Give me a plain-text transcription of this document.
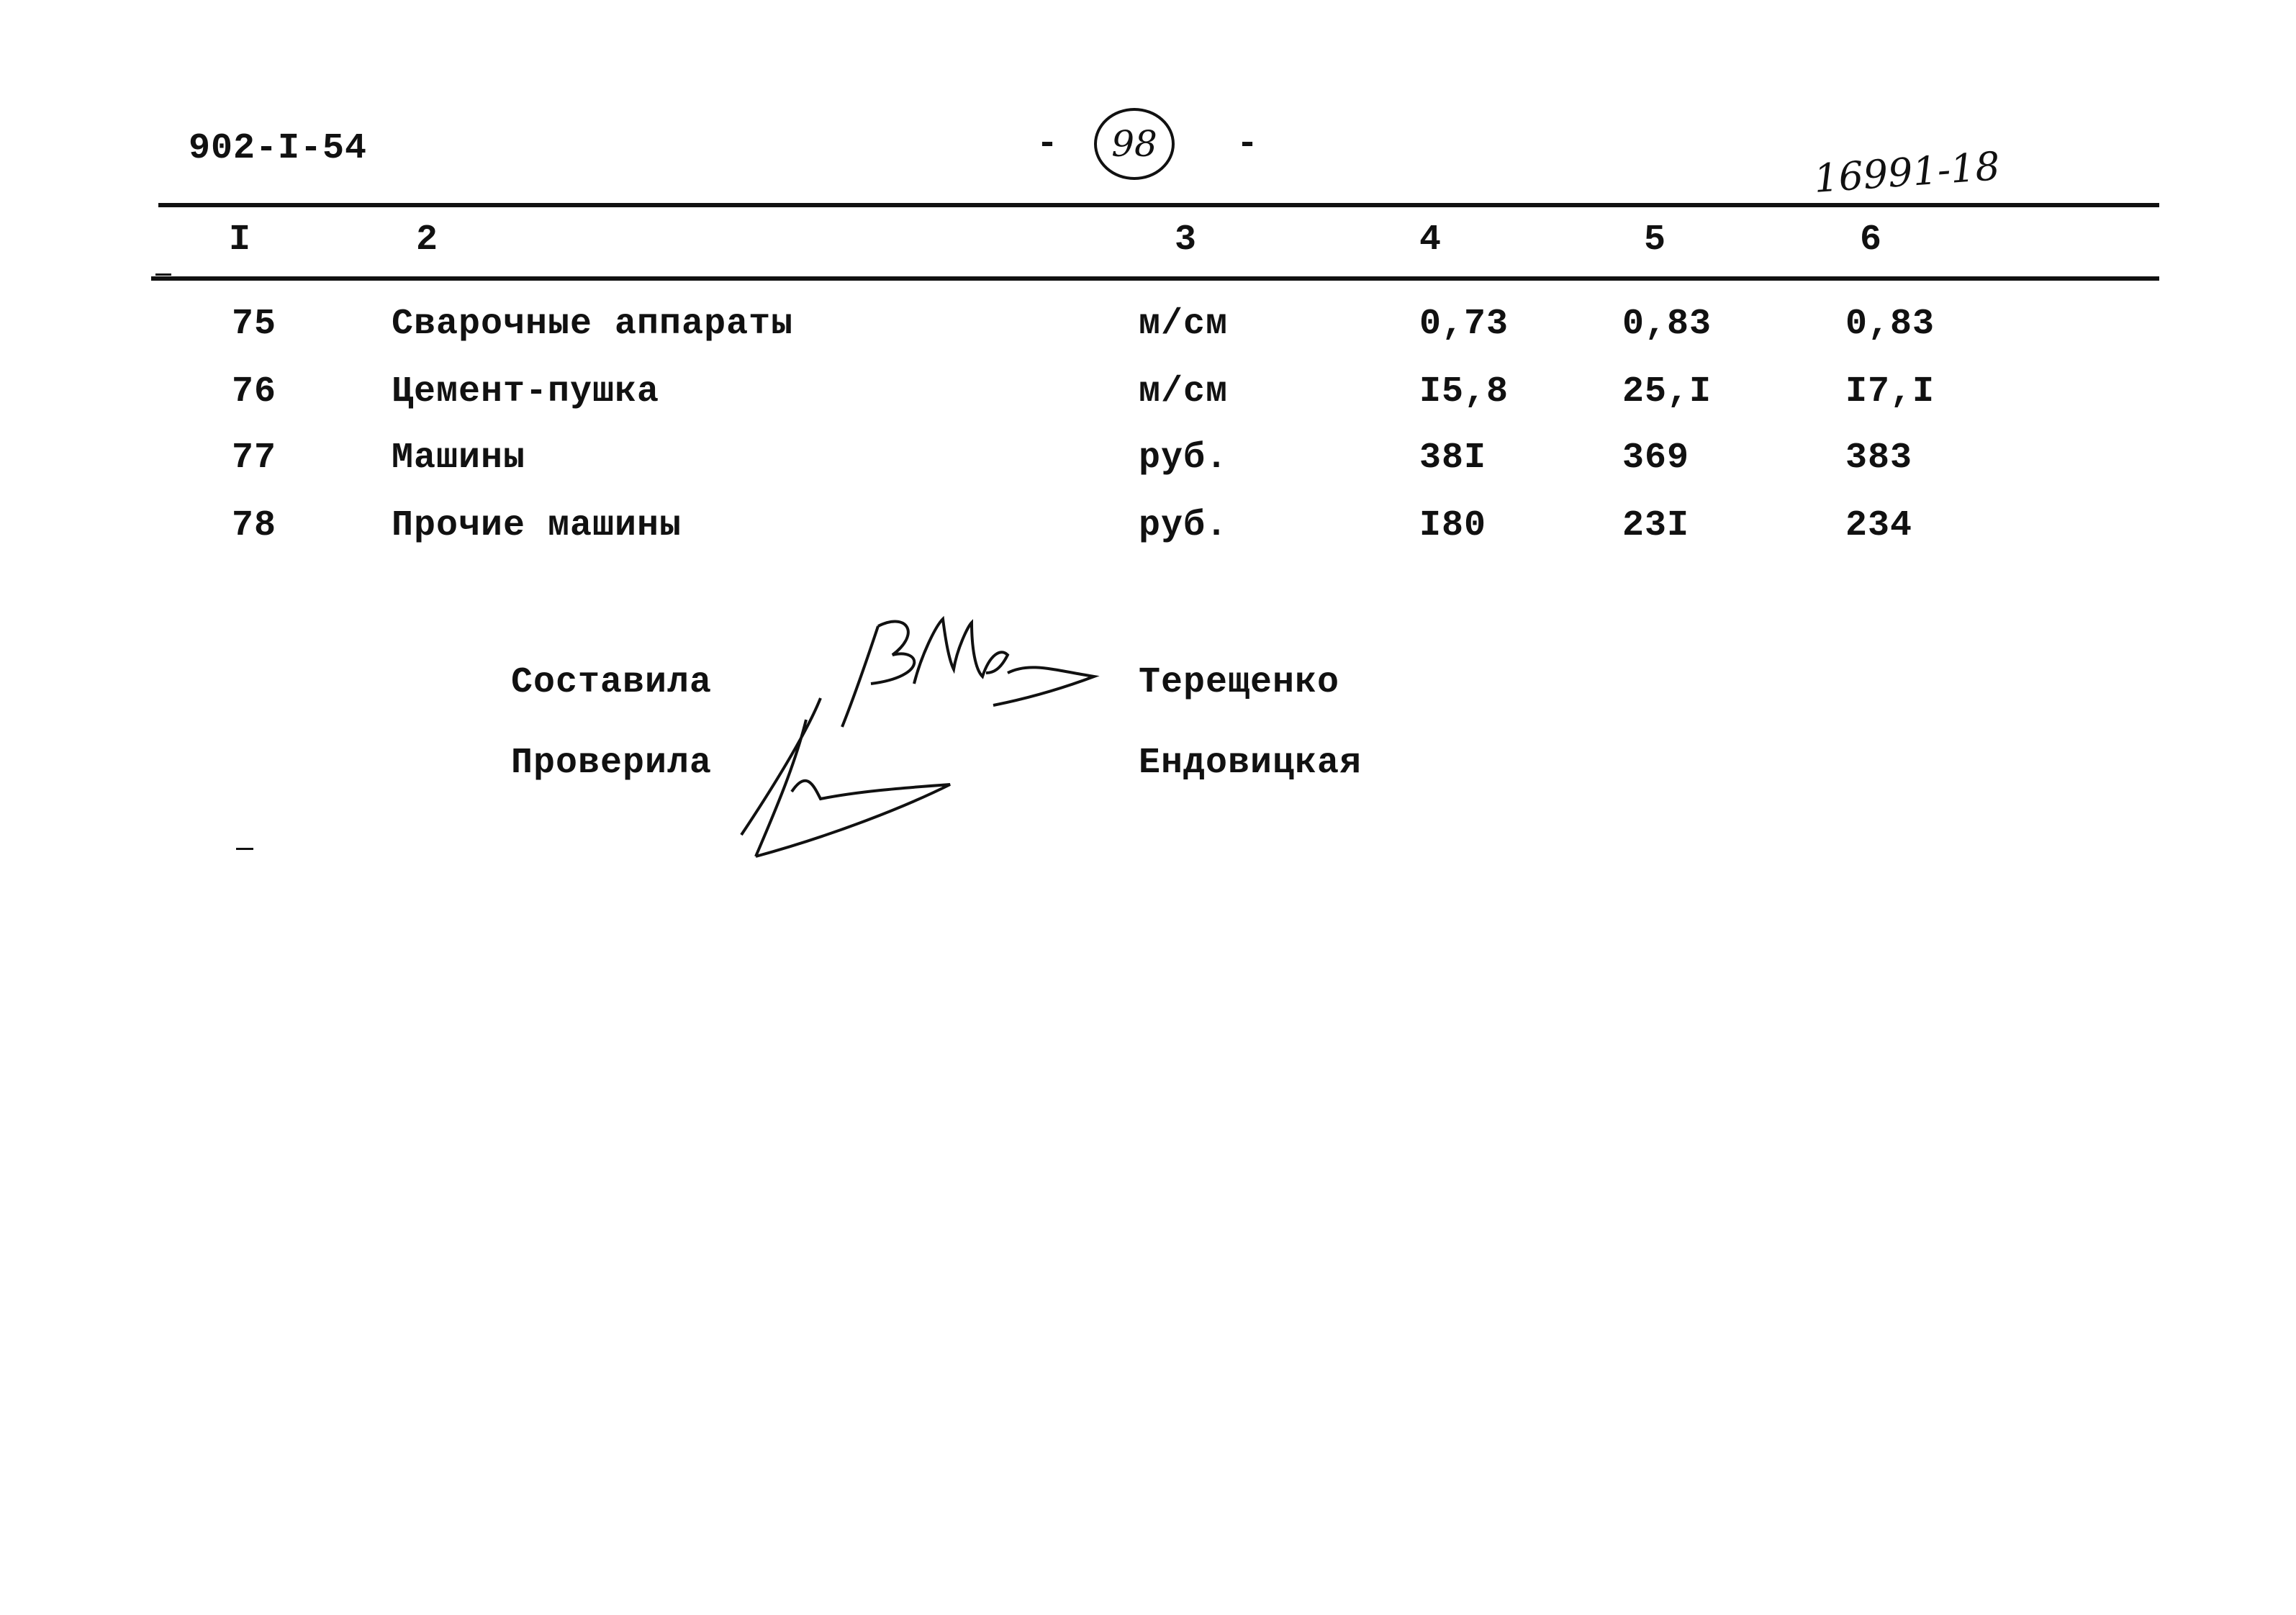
902-I-54	- 98 -	16991-18
I	2	3	4	5	6
75	Сварочные аппараты	м/см	0,73	0,83	0,83
76	Цемент-пушка	м/см	I5,8	25,I	I7,I
77	Машины	руб.	38I	369	383
78	Прочие машины	руб.	I80	23I	234
Составила	Терещенко
Проверила	Ендовицкая
